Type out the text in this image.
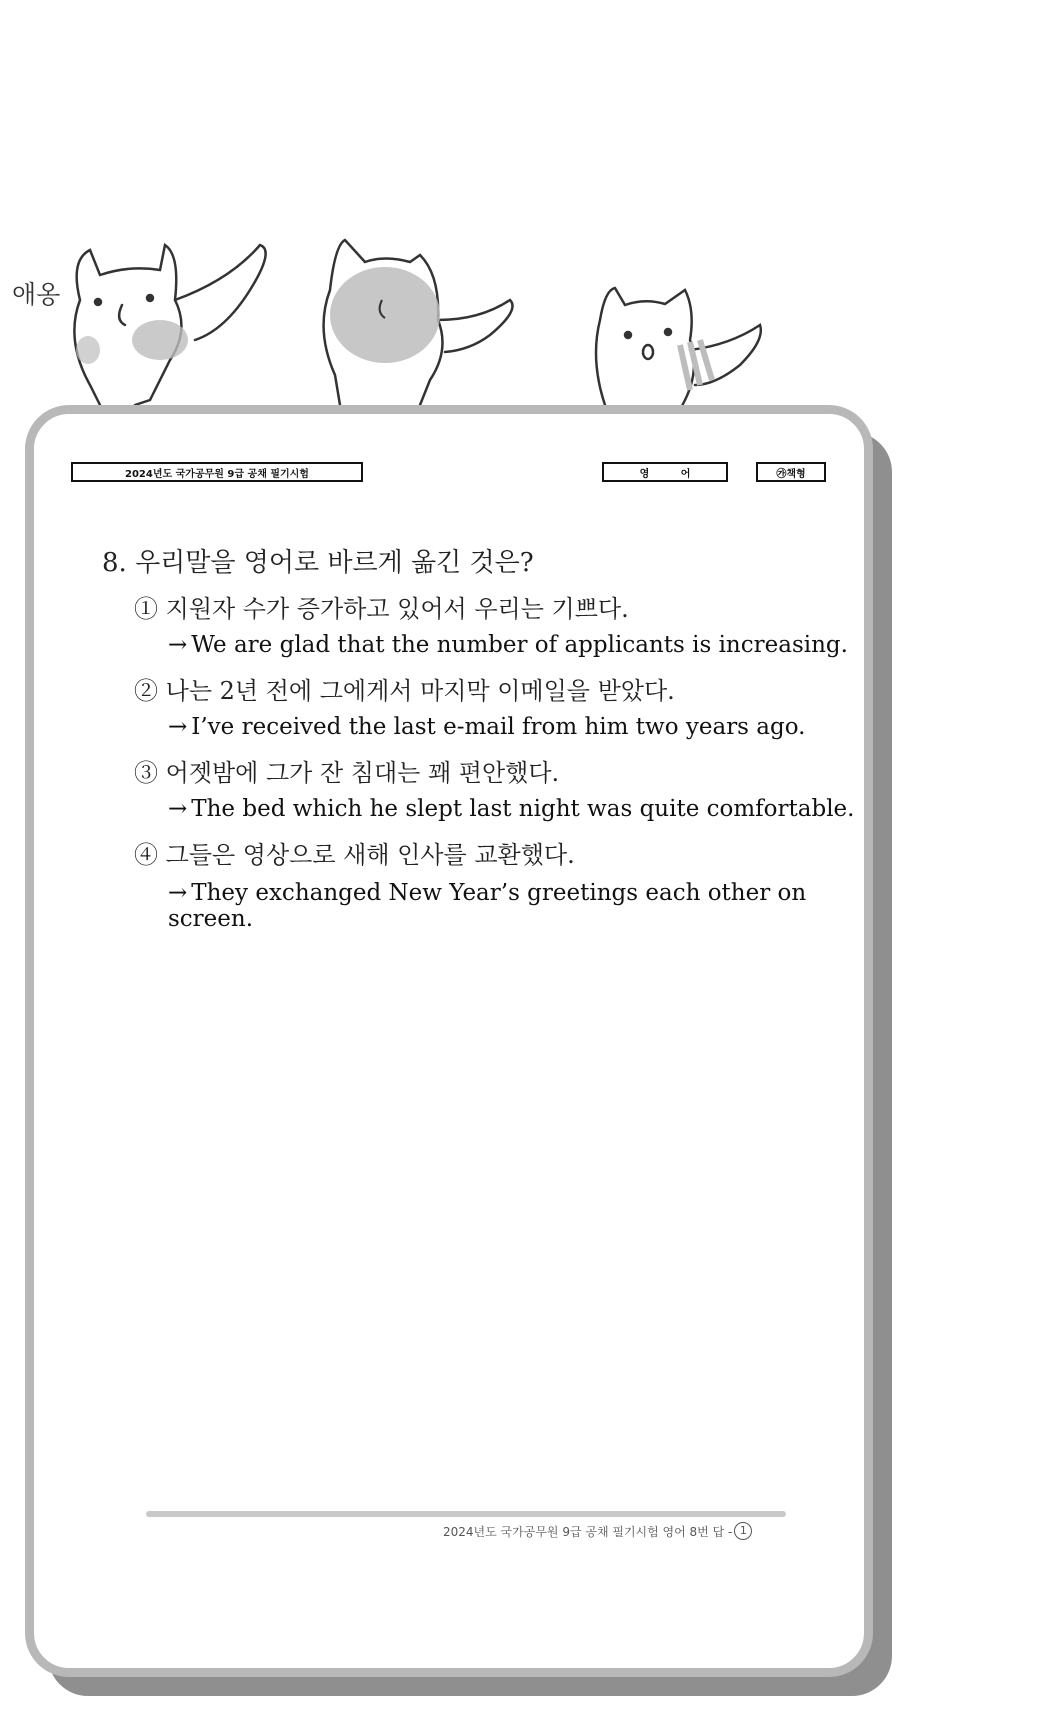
애옹
2024년도 국가공무원 9급 공채 필기시험	영 어	㉮책형
8. 우리말을 영어로 바르게 옮긴 것은?
① 지원자 수가 증가하고 있어서 우리는 기쁘다.
→ We are glad that the number of applicants is increasing.
② 나는 2년 전에 그에게서 마지막 이메일을 받았다.
→ I’ve received the last e-mail from him two years ago.
③ 어젯밤에 그가 잔 침대는 꽤 편안했다.
→ The bed which he slept last night was quite comfortable.
④ 그들은 영상으로 새해 인사를 교환했다.
→ They exchanged New Year’s greetings each other on screen.
2024년도 국가공무원 9급 공채 필기시험 영어 8번 답 - 1
